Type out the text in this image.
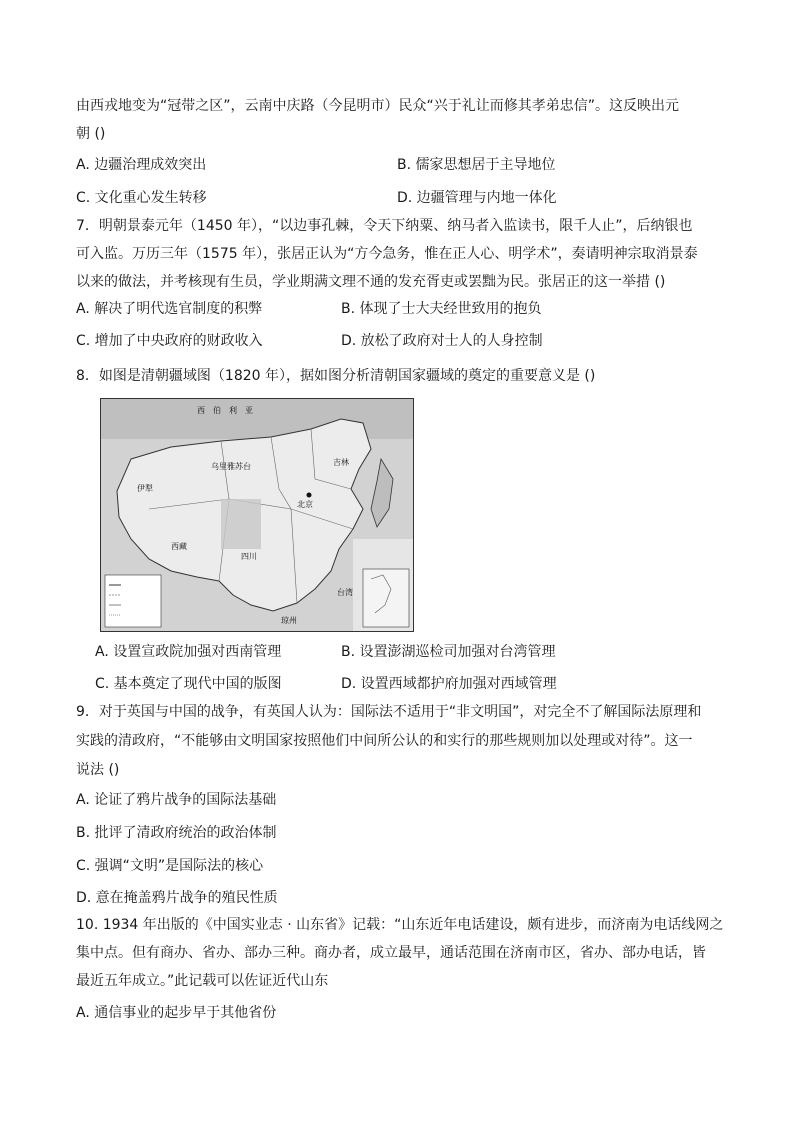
由西戎地变为“冠带之区”，云南中庆路（今昆明市）民众“兴于礼让而修其孝弟忠信”。这反映出元
朝 ()
A. 边疆治理成效突出	B. 儒家思想居于主导地位
C. 文化重心发生转移	D. 边疆管理与内地一体化
7．明朝景泰元年（1450 年），“以边事孔棘，令天下纳粟、纳马者入监读书，限千人止”，后纳银也
可入监。万历三年（1575 年），张居正认为“方今急务，惟在正人心、明学术”，奏请明神宗取消景泰
以来的做法，并考核现有生员，学业期满文理不通的发充胥吏或罢黜为民。张居正的这一举措 ()
A. 解决了明代选官制度的积弊	B. 体现了士大夫经世致用的抱负
C. 增加了中央政府的财政收入	D. 放松了政府对士人的人身控制
8．如图是清朝疆域图（1820 年），据如图分析清朝国家疆域的奠定的重要意义是 ()
西　伯　利　亚
乌里雅苏台
伊犁
西藏
吉林
北京
四川
台湾
琼州
A. 设置宣政院加强对西南管理	B. 设置澎湖巡检司加强对台湾管理
C. 基本奠定了现代中国的版图	D. 设置西域都护府加强对西域管理
9．对于英国与中国的战争，有英国人认为：国际法不适用于“非文明国”，对完全不了解国际法原理和
实践的清政府，“不能够由文明国家按照他们中间所公认的和实行的那些规则加以处理或对待”。这一
说法 ()
A. 论证了鸦片战争的国际法基础
B. 批评了清政府统治的政治体制
C. 强调“文明”是国际法的核心
D. 意在掩盖鸦片战争的殖民性质
10. 1934 年出版的《中国实业志 · 山东省》记载：“山东近年电话建设，颇有进步，而济南为电话线网之
集中点。但有商办、省办、部办三种。商办者，成立最早，通话范围在济南市区，省办、部办电话，皆
最近五年成立。”此记载可以佐证近代山东
A. 通信事业的起步早于其他省份
